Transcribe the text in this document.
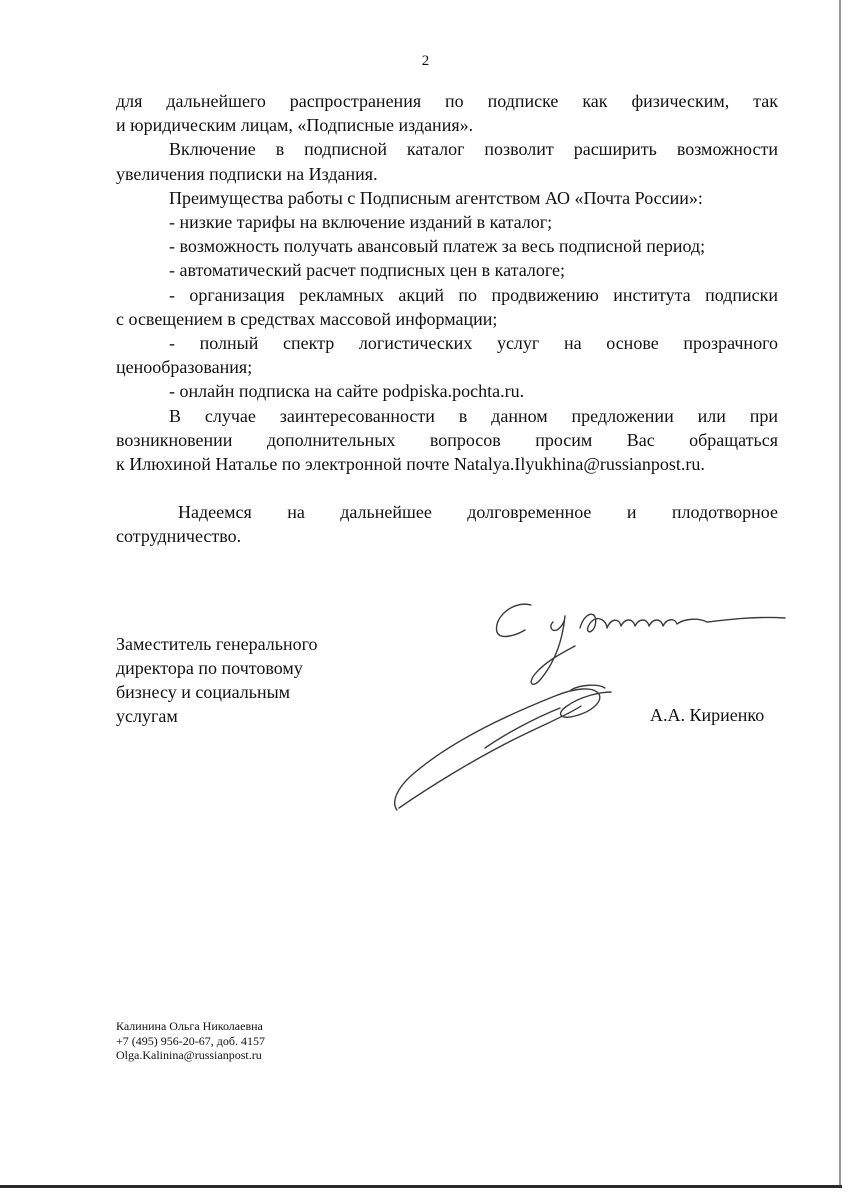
2

для дальнейшего распространения по подписке как физическим, так

и юридическим лицам, «Подписные издания».

Включение в подписной каталог позволит расширить возможности

увеличения подписки на Издания.

Преимущества работы с Подписным агентством АО «Почта России»:

- низкие тарифы на включение изданий в каталог;

- возможность получать авансовый платеж за весь подписной период;

- автоматический расчет подписных цен в каталоге;

- организация рекламных акций по продвижению института подписки

с освещением в средствах массовой информации;

- полный спектр логистических услуг на основе прозрачного

ценообразования;

- онлайн подписка на сайте podpiska.pochta.ru.

В случае заинтересованности в данном предложении или при

возникновении дополнительных вопросов просим Вас обращаться

к Илюхиной Наталье по электронной почте Natalya.Ilyukhina@russianpost.ru.

Надеемся на дальнейшее долговременное и плодотворное

сотрудничество.

Заместитель генерального
директора по почтовому
бизнесу и социальным
услугам	А.А. Кириенко
Калинина Ольга Николаевна
+7 (495) 956-20-67, доб. 4157
Olga.Kalinina@russianpost.ru
